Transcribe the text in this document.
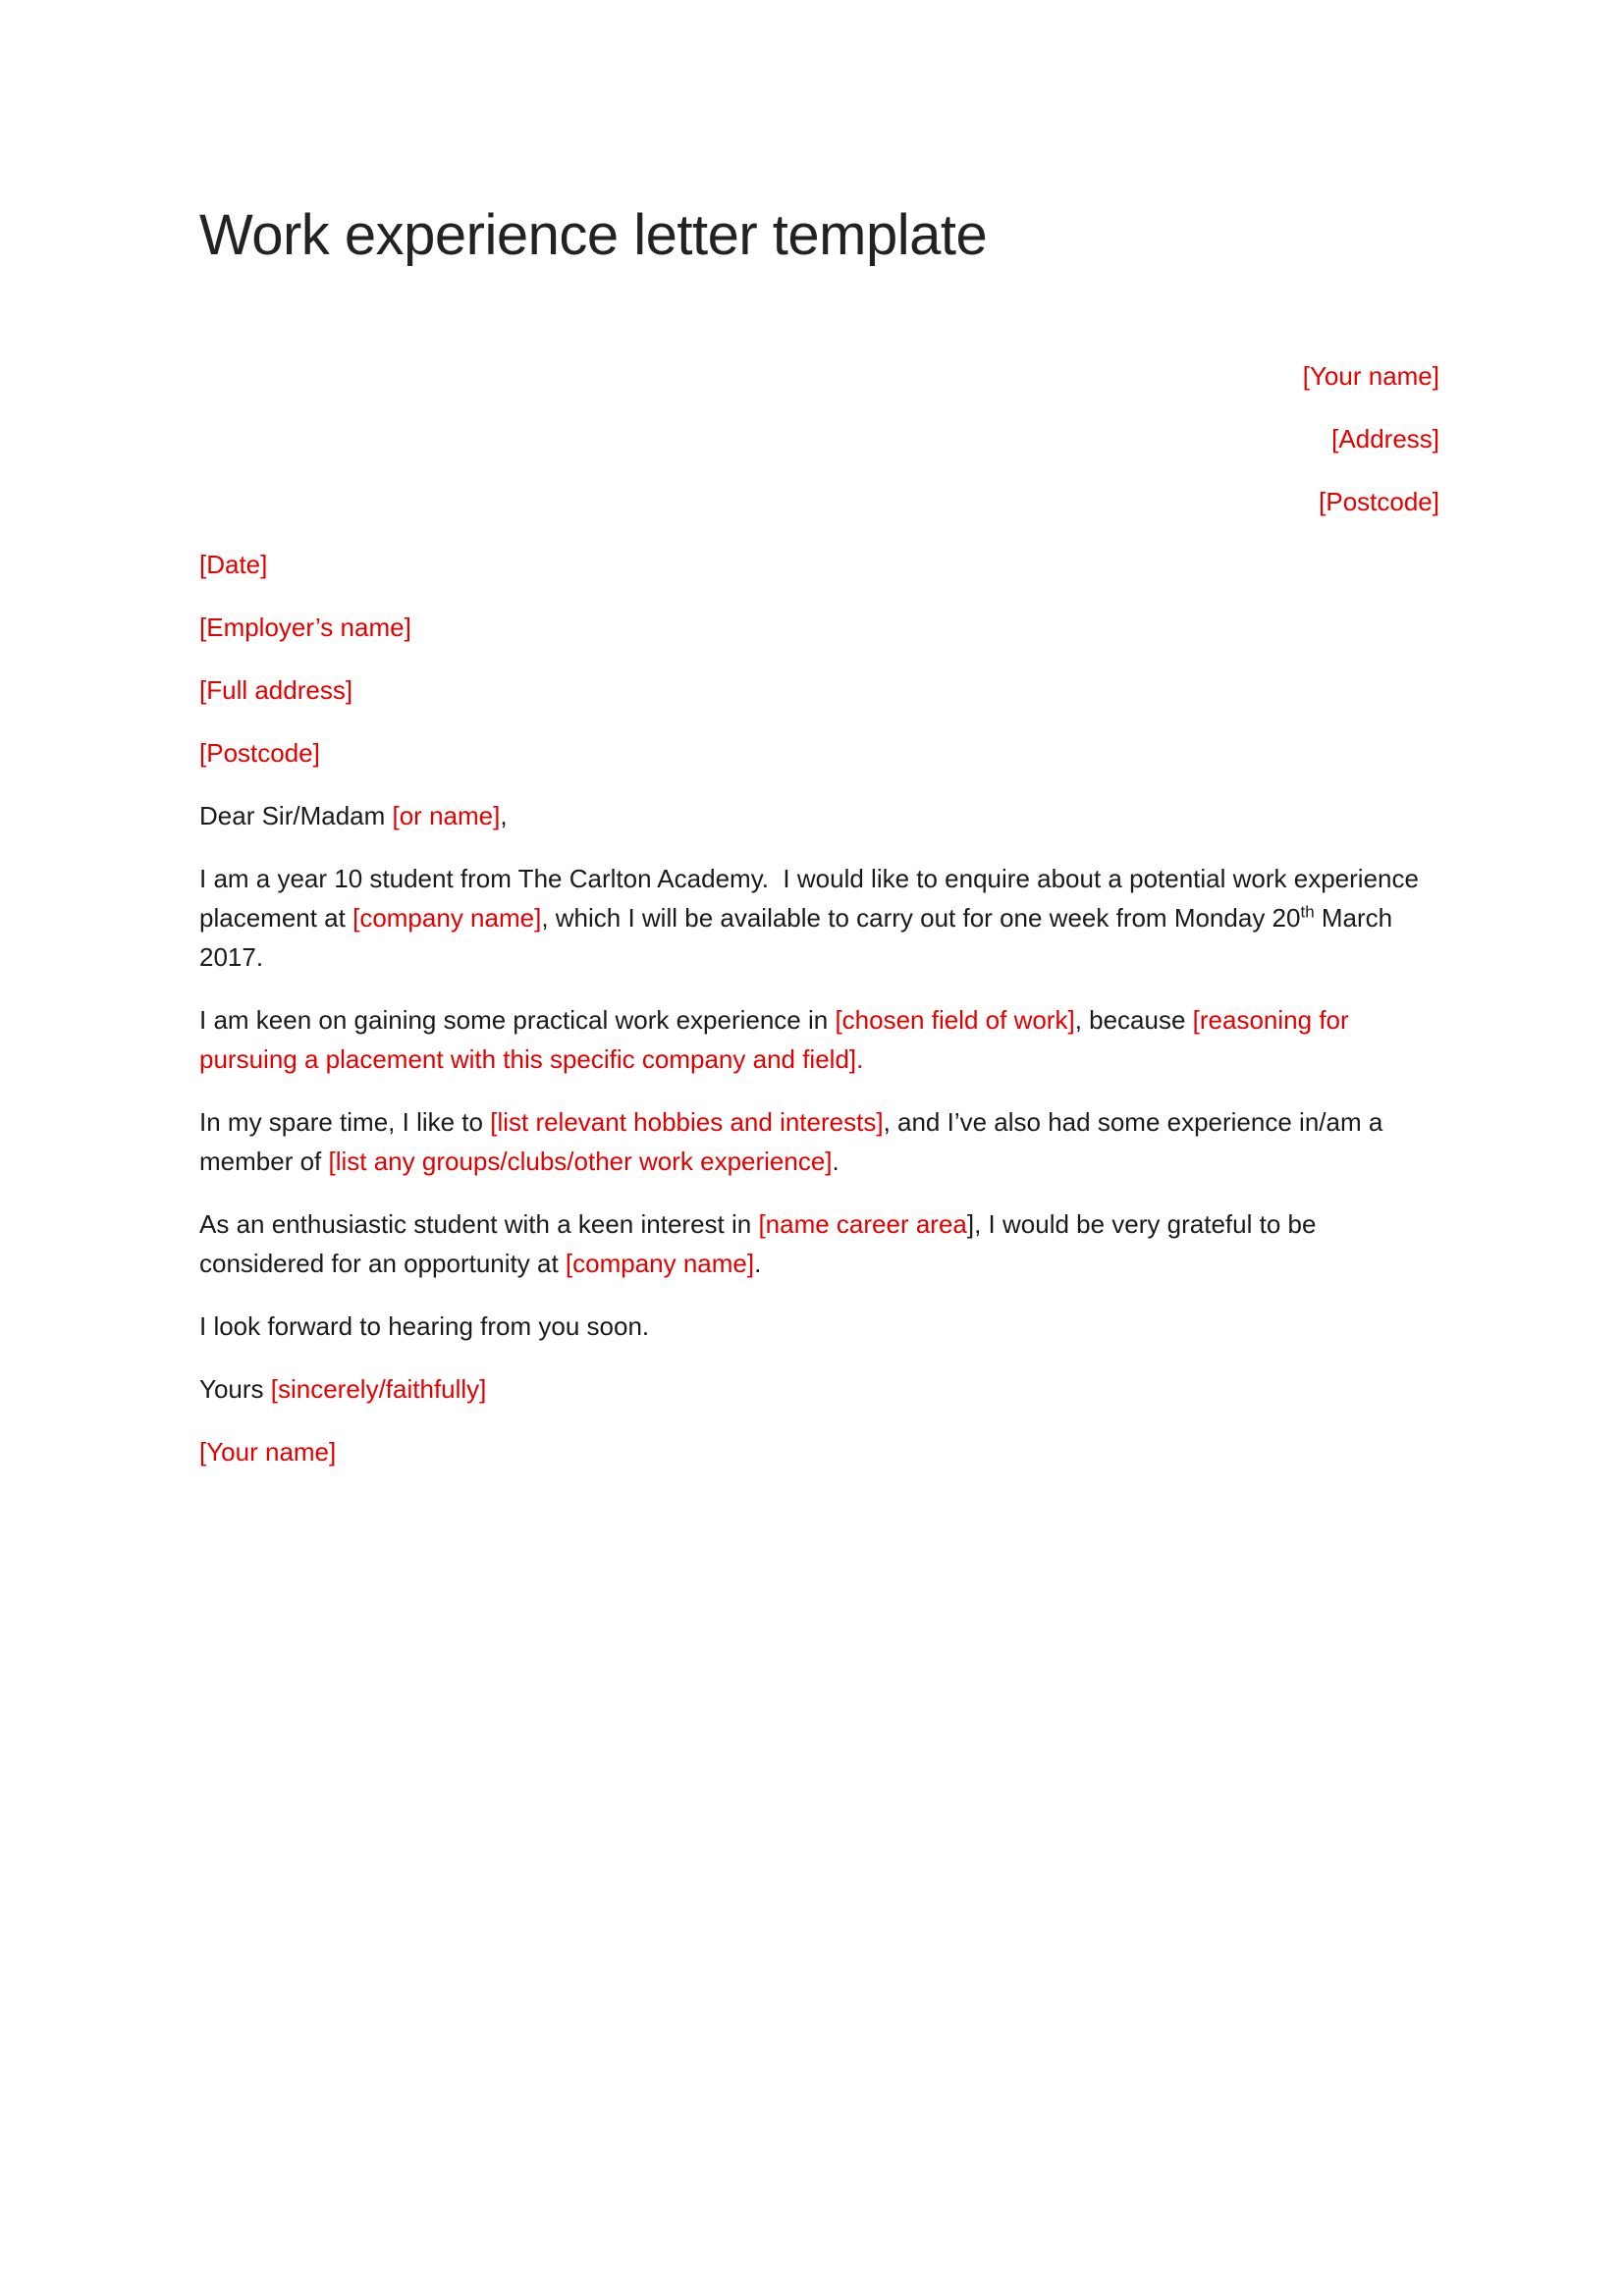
Work experience letter template

[Your name]

[Address]

[Postcode]

[Date]

[Employer’s name]

[Full address]

[Postcode]

Dear Sir/Madam [or name],

I am a year 10 student from The Carlton Academy.  I would like to enquire about a potential work experience placement at [company name], which I will be available to carry out for one week from Monday 20th March 2017.

I am keen on gaining some practical work experience in [chosen field of work], because [reasoning for pursuing a placement with this specific company and field].

In my spare time, I like to [list relevant hobbies and interests], and I’ve also had some experience in/am a member of [list any groups/clubs/other work experience].

As an enthusiastic student with a keen interest in [name career area], I would be very grateful to be considered for an opportunity at [company name].

I look forward to hearing from you soon.

Yours [sincerely/faithfully]

[Your name]
